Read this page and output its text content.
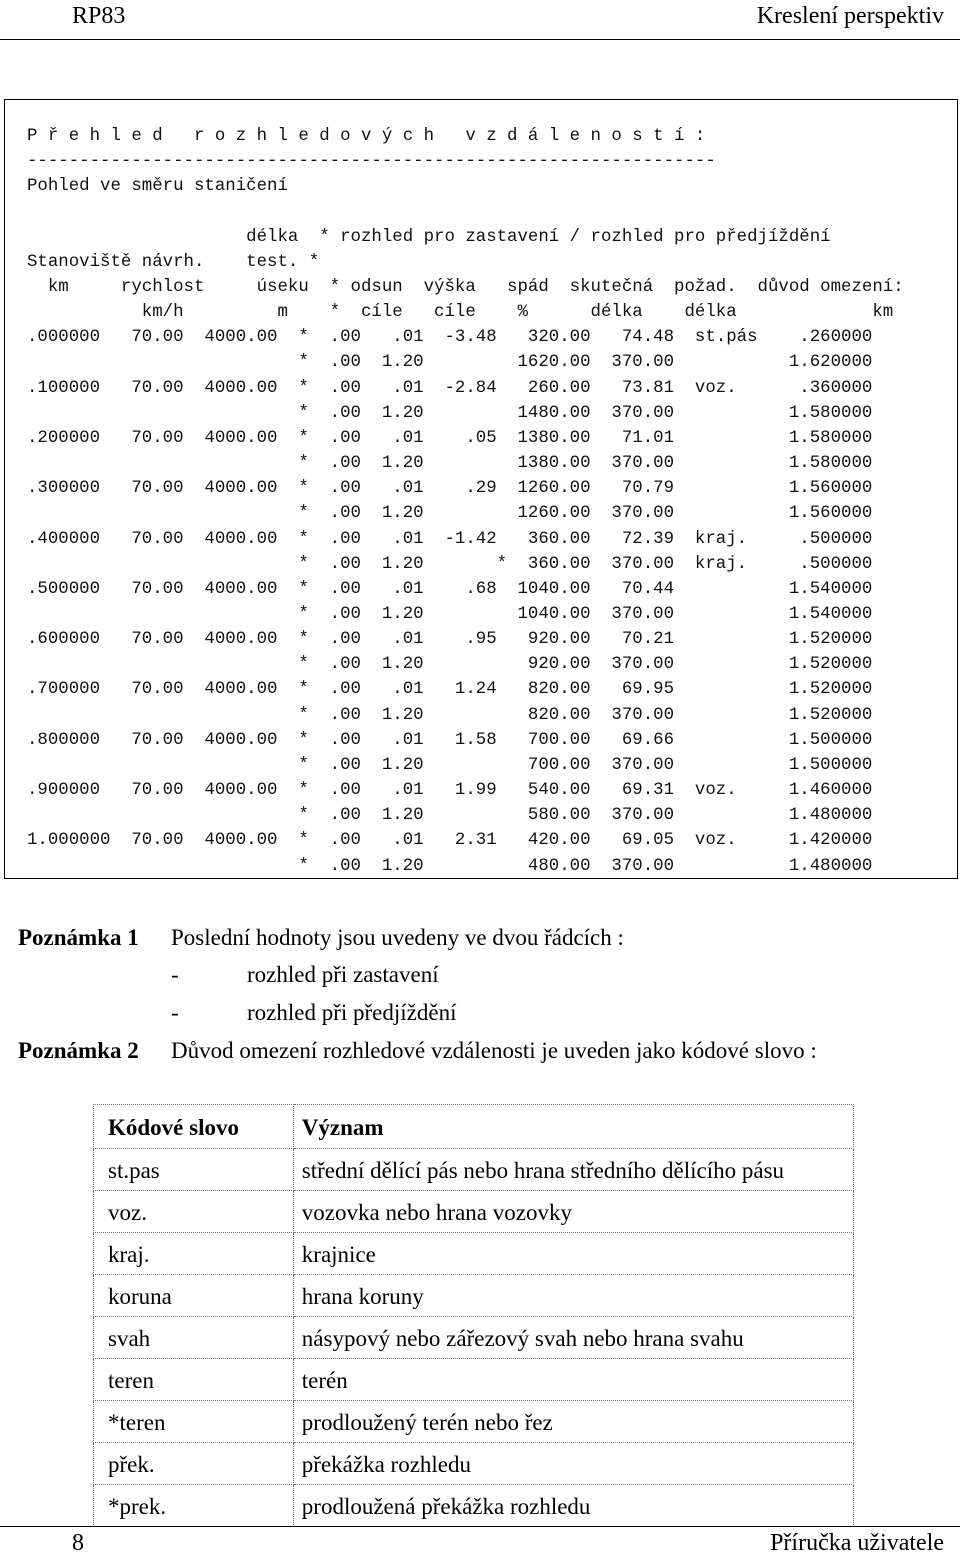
RP83	Kreslení perspektiv
P ř e h l e d   r o z h l e d o v ý c h   v z d á l e n o s t í :
------------------------------------------------------------------
Pohled ve směru staničení

délka  * rozhled pro zastavení / rozhled pro předjíždění
Stanoviště návrh.    test. *
km     rychlost     úseku  * odsun  výška   spád  skutečná  požad.  důvod omezení:
km/h         m    *  cíle   cíle    %      délka    délka             km
.000000   70.00  4000.00  *  .00   .01  -3.48   320.00   74.48  st.pás    .260000
*  .00  1.20         1620.00  370.00           1.620000
.100000   70.00  4000.00  *  .00   .01  -2.84   260.00   73.81  voz.      .360000
*  .00  1.20         1480.00  370.00           1.580000
.200000   70.00  4000.00  *  .00   .01    .05  1380.00   71.01           1.580000
*  .00  1.20         1380.00  370.00           1.580000
.300000   70.00  4000.00  *  .00   .01    .29  1260.00   70.79           1.560000
*  .00  1.20         1260.00  370.00           1.560000
.400000   70.00  4000.00  *  .00   .01  -1.42   360.00   72.39  kraj.     .500000
*  .00  1.20       *  360.00  370.00  kraj.     .500000
.500000   70.00  4000.00  *  .00   .01    .68  1040.00   70.44           1.540000
*  .00  1.20         1040.00  370.00           1.540000
.600000   70.00  4000.00  *  .00   .01    .95   920.00   70.21           1.520000
*  .00  1.20          920.00  370.00           1.520000
.700000   70.00  4000.00  *  .00   .01   1.24   820.00   69.95           1.520000
*  .00  1.20          820.00  370.00           1.520000
.800000   70.00  4000.00  *  .00   .01   1.58   700.00   69.66           1.500000
*  .00  1.20          700.00  370.00           1.500000
.900000   70.00  4000.00  *  .00   .01   1.99   540.00   69.31  voz.     1.460000
*  .00  1.20          580.00  370.00           1.480000
1.000000  70.00  4000.00  *  .00   .01   2.31   420.00   69.05  voz.     1.420000
*  .00  1.20          480.00  370.00           1.480000
Poznámka 1 Poslední hodnoty jsou uvedeny ve dvou řádcích :
-	rozhled při zastavení
-	rozhled při předjíždění
Poznámka 2 Důvod omezení rozhledové vzdálenosti je uveden jako kódové slovo :
Kódové slovo	Význam
st.pas	střední dělící pás nebo hrana středního dělícího pásu
voz.	vozovka nebo hrana vozovky
kraj.	krajnice
koruna	hrana koruny
svah	násypový nebo zářezový svah nebo hrana svahu
teren	terén
*teren	prodloužený terén nebo řez
přek.	překážka rozhledu
*prek.	prodloužená překážka rozhledu
8	Příručka uživatele
